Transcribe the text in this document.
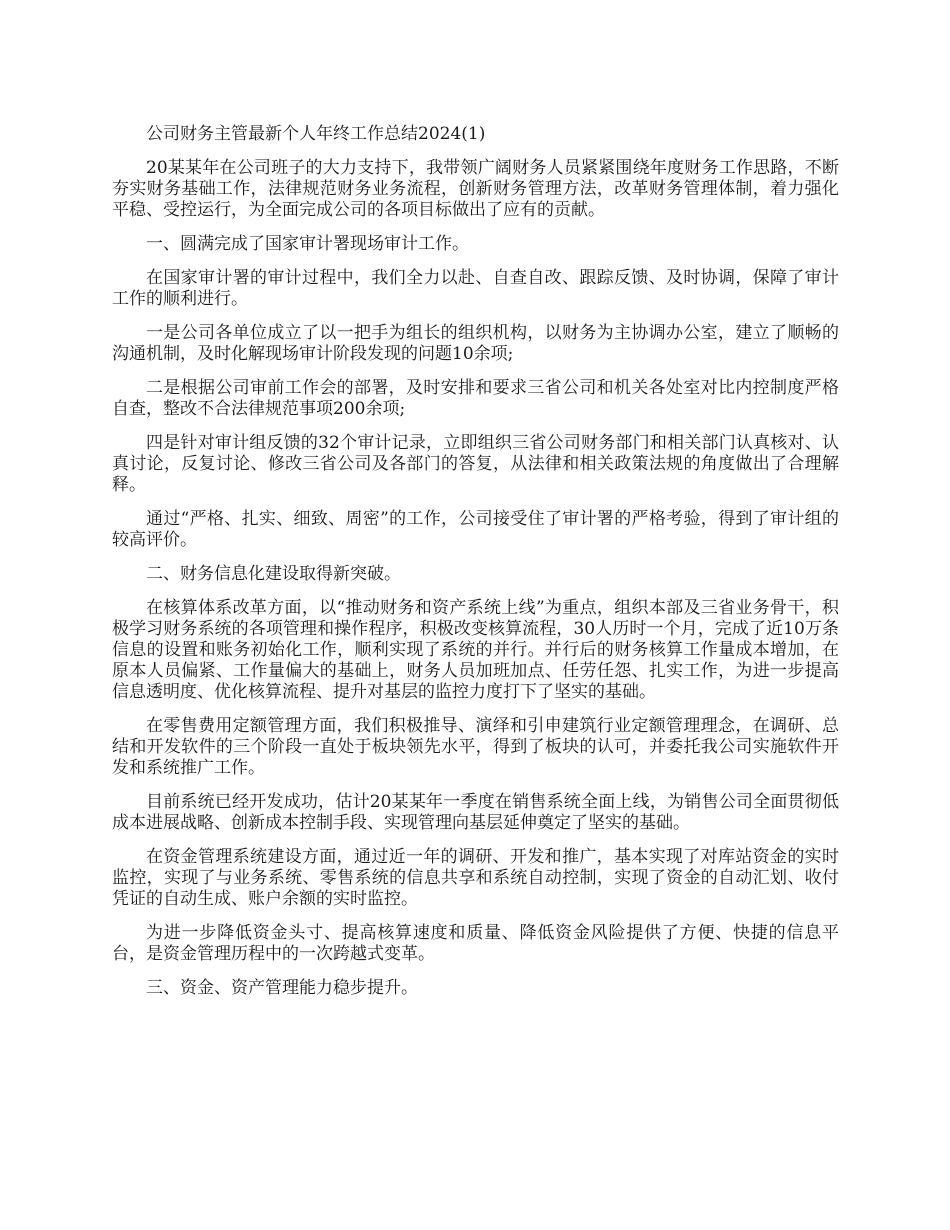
公司财务主管最新个人年终工作总结2024(1)

20某某年在公司班子的大力支持下，我带领广阔财务人员紧紧围绕年度财务工作思路，不断夯实财务基础工作，法律规范财务业务流程，创新财务管理方法，改革财务管理体制，着力强化平稳、受控运行，为全面完成公司的各项目标做出了应有的贡献。

一、圆满完成了国家审计署现场审计工作。

在国家审计署的审计过程中，我们全力以赴、自查自改、跟踪反馈、及时协调，保障了审计工作的顺利进行。

一是公司各单位成立了以一把手为组长的组织机构，以财务为主协调办公室，建立了顺畅的沟通机制，及时化解现场审计阶段发现的问题10余项;

二是根据公司审前工作会的部署，及时安排和要求三省公司和机关各处室对比内控制度严格自查，整改不合法律规范事项200余项;

四是针对审计组反馈的32个审计记录，立即组织三省公司财务部门和相关部门认真核对、认真讨论，反复讨论、修改三省公司及各部门的答复，从法律和相关政策法规的角度做出了合理解释。

通过“严格、扎实、细致、周密”的工作，公司接受住了审计署的严格考验，得到了审计组的较高评价。

二、财务信息化建设取得新突破。

在核算体系改革方面，以“推动财务和资产系统上线”为重点，组织本部及三省业务骨干，积极学习财务系统的各项管理和操作程序，积极改变核算流程，30人历时一个月，完成了近10万条信息的设置和账务初始化工作，顺利实现了系统的并行。并行后的财务核算工作量成本增加，在原本人员偏紧、工作量偏大的基础上，财务人员加班加点、任劳任怨、扎实工作，为进一步提高信息透明度、优化核算流程、提升对基层的监控力度打下了坚实的基础。

在零售费用定额管理方面，我们积极推导、演绎和引申建筑行业定额管理理念，在调研、总结和开发软件的三个阶段一直处于板块领先水平，得到了板块的认可，并委托我公司实施软件开发和系统推广工作。

目前系统已经开发成功，估计20某某年一季度在销售系统全面上线，为销售公司全面贯彻低成本进展战略、创新成本控制手段、实现管理向基层延伸奠定了坚实的基础。

在资金管理系统建设方面，通过近一年的调研、开发和推广，基本实现了对库站资金的实时监控，实现了与业务系统、零售系统的信息共享和系统自动控制，实现了资金的自动汇划、收付凭证的自动生成、账户余额的实时监控。

为进一步降低资金头寸、提高核算速度和质量、降低资金风险提供了方便、快捷的信息平台，是资金管理历程中的一次跨越式变革。

三、资金、资产管理能力稳步提升。
